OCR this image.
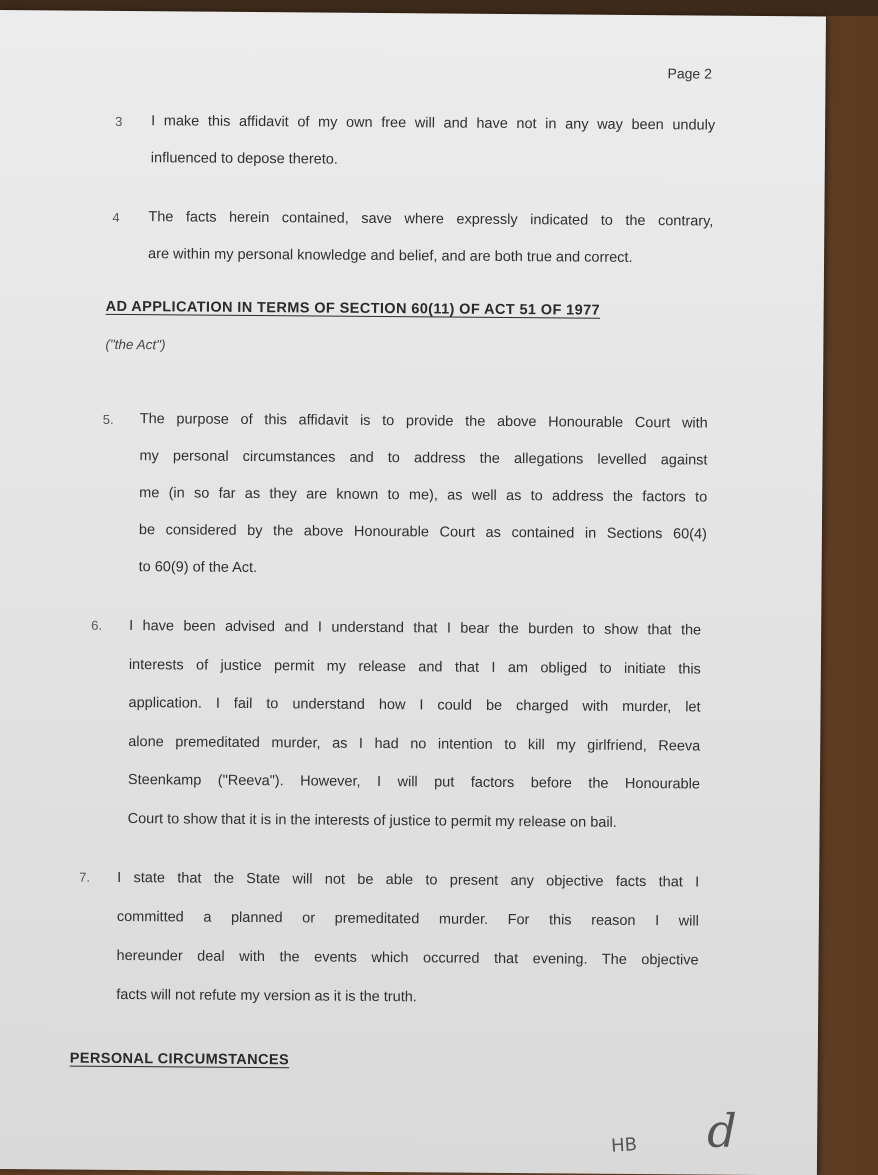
Page 2
3 I make this affidavit of my own free will and have not in any way been unduly
influenced to depose thereto.
4 The facts herein contained, save where expressly indicated to the contrary,
are within my personal knowledge and belief, and are both true and correct.
AD APPLICATION IN TERMS OF SECTION 60(11) OF ACT 51 OF 1977
("the Act")
5. The purpose of this affidavit is to provide the above Honourable Court with
my personal circumstances and to address the allegations levelled against
me (in so far as they are known to me), as well as to address the factors to
be considered by the above Honourable Court as contained in Sections 60(4)
to 60(9) of the Act.
6. I have been advised and I understand that I bear the burden to show that the
interests of justice permit my release and that I am obliged to initiate this
application. I fail to understand how I could be charged with murder, let
alone premeditated murder, as I had no intention to kill my girlfriend, Reeva
Steenkamp ("Reeva"). However, I will put factors before the Honourable
Court to show that it is in the interests of justice to permit my release on bail.
7. I state that the State will not be able to present any objective facts that I
committed a planned or premeditated murder. For this reason I will
hereunder deal with the events which occurred that evening. The objective
facts will not refute my version as it is the truth.
PERSONAL CIRCUMSTANCES
HB d
